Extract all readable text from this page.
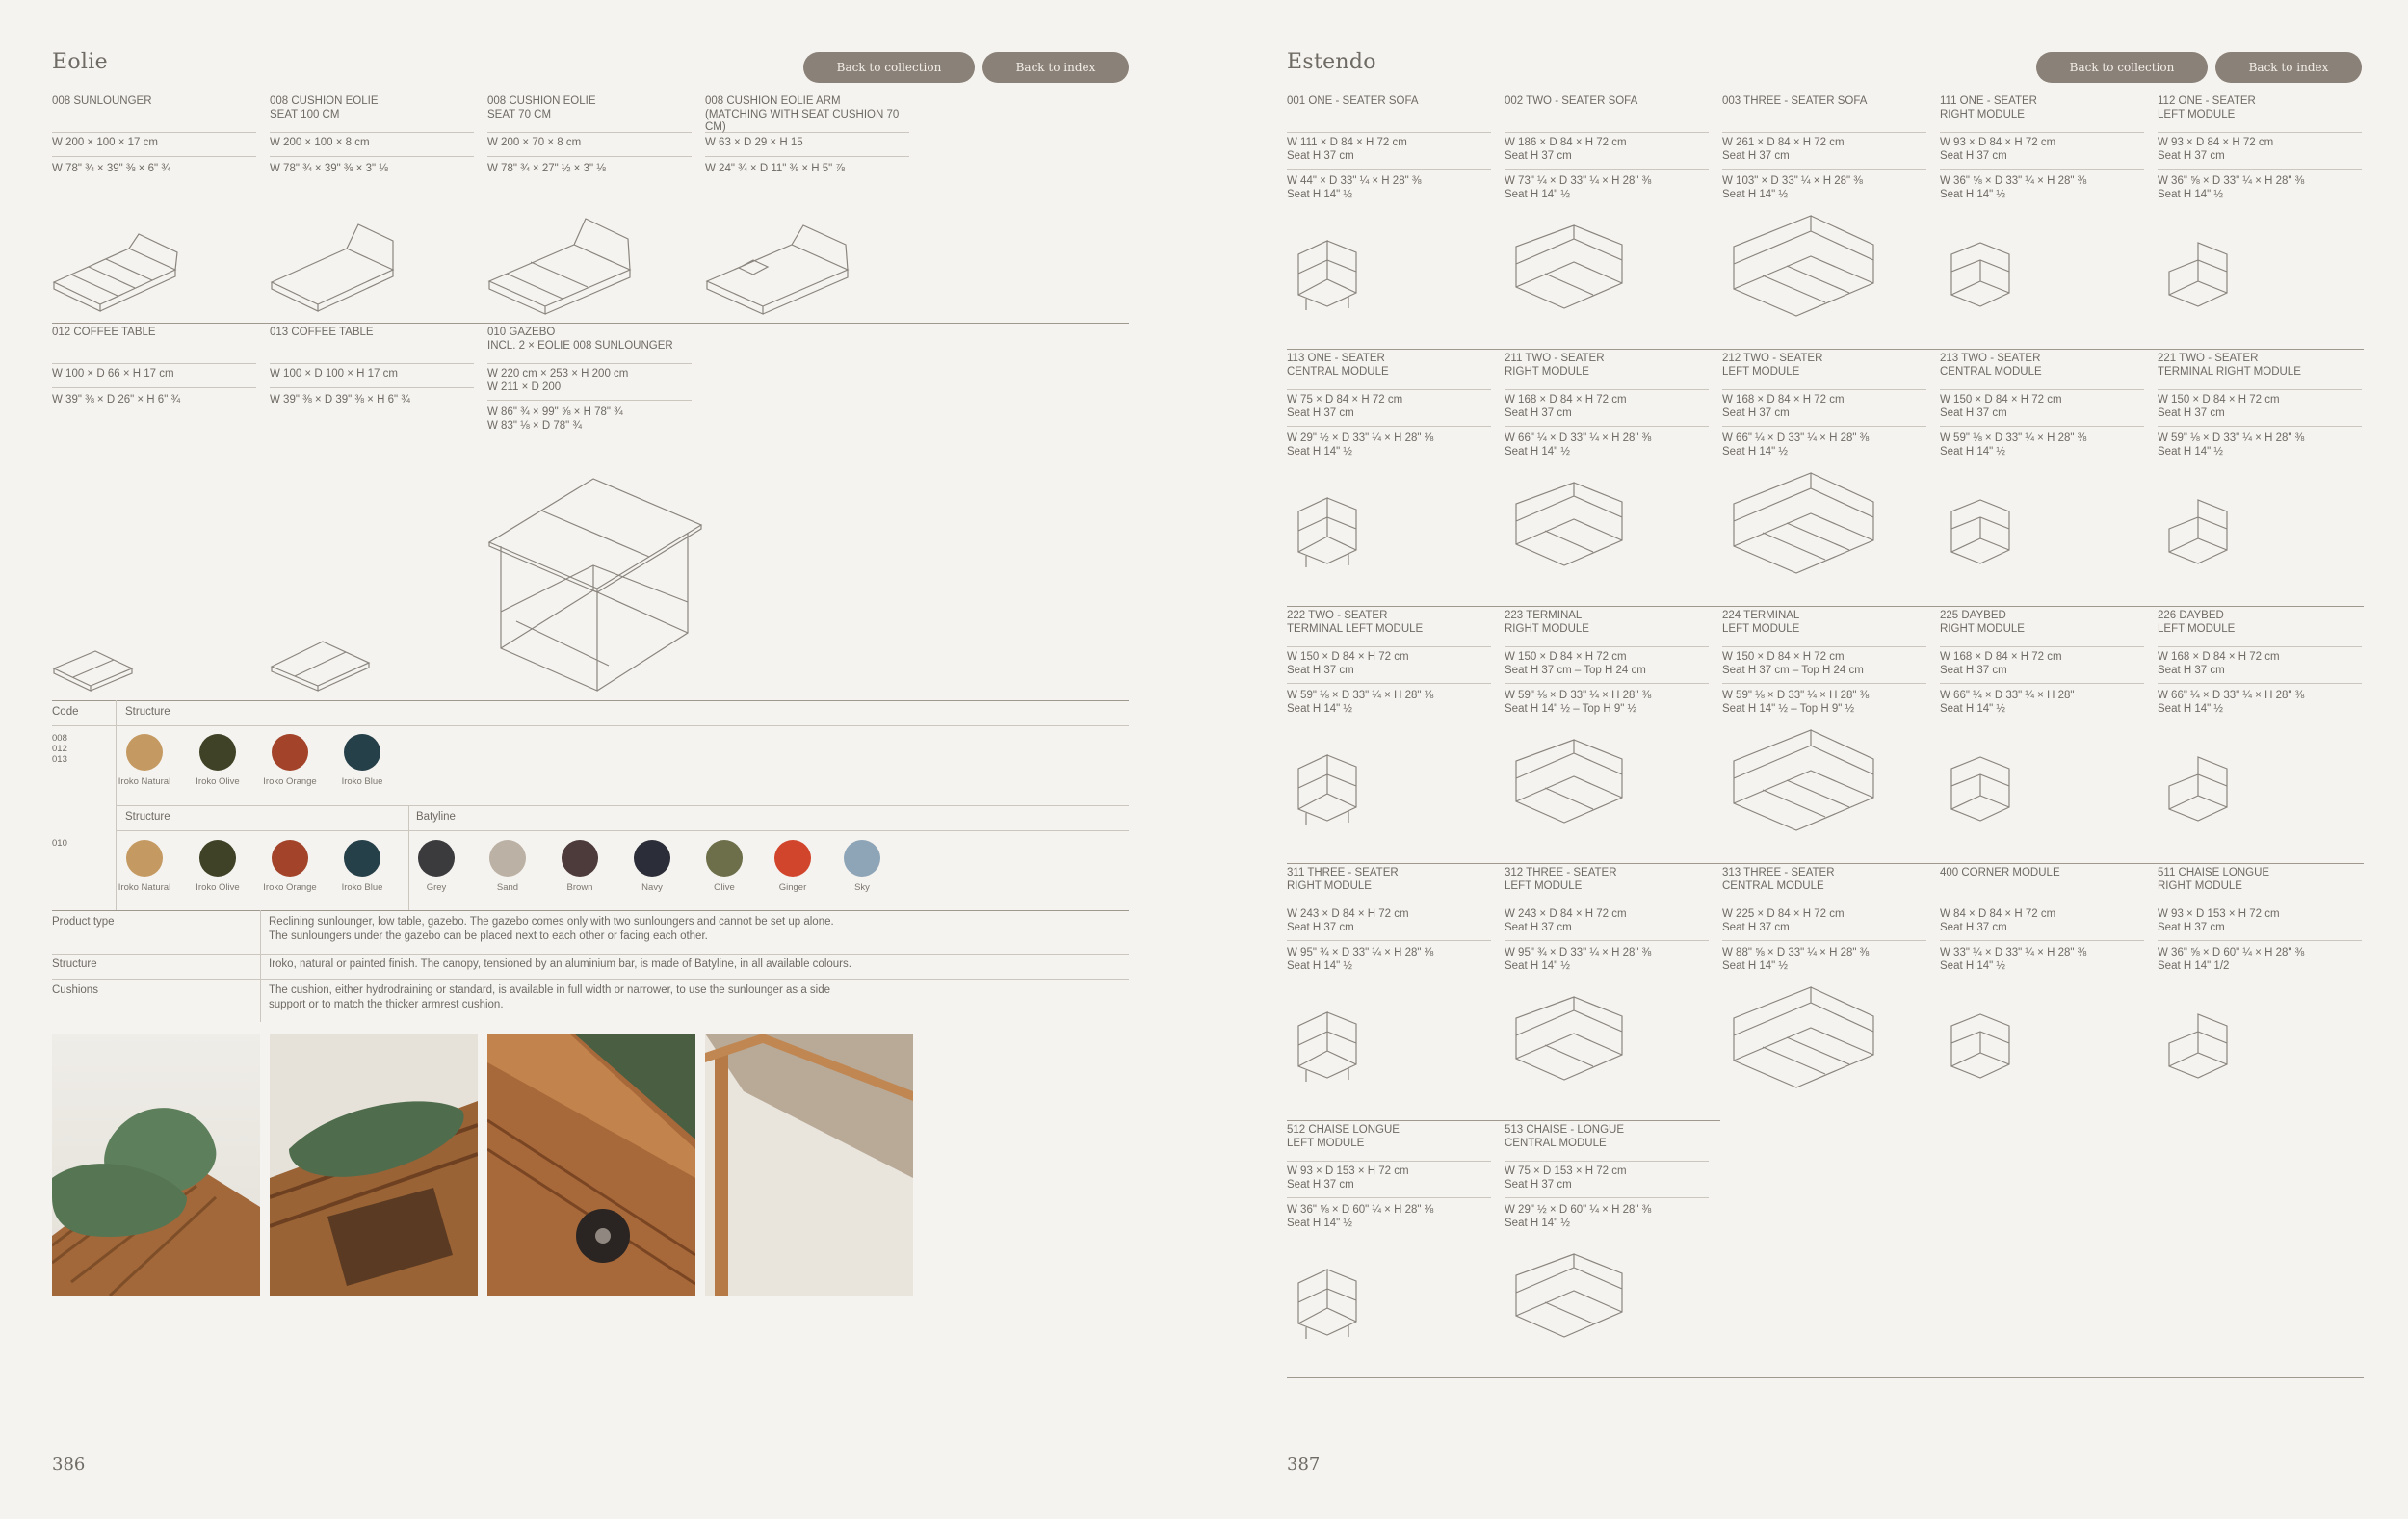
Eolie	Back to collection	Back to index
008 SUNLOUNGER
W 200 × 100 × 17 cm
W 78" ¾ × 39" ⅜ × 6" ¾
008 CUSHION EOLIE
SEAT 100 CM
W 200 × 100 × 8 cm
W 78" ¾ × 39" ⅜ × 3" ⅛
008 CUSHION EOLIE
SEAT 70 CM
W 200 × 70 × 8 cm
W 78" ¾ × 27" ½ × 3" ⅛
008 CUSHION EOLIE ARM
(MATCHING WITH SEAT CUSHION 70 CM)
W 63 × D 29 × H 15
W 24" ¾ × D 11" ⅜ × H 5" ⅞
012 COFFEE TABLE
W 100 × D 66 × H 17 cm
W 39" ⅜ × D 26" × H 6" ¾
013 COFFEE TABLE
W 100 × D 100 × H 17 cm
W 39" ⅜ × D 39" ⅜ × H 6" ¾
010 GAZEBO
INCL. 2 × EOLIE 008 SUNLOUNGER
W 220 cm × 253 × H 200 cm
W 211 × D 200
W 86" ¾ × 99" ⅝ × H 78" ¾
W 83" ⅛ × D 78" ¾
Code	Structure
008
012
013
Iroko Natural	Iroko Olive	Iroko Orange	Iroko Blue
Structure	Batyline
010
Iroko Natural	Iroko Olive	Iroko Orange	Iroko Blue	Grey	Sand	Brown	Navy	Olive	Ginger	Sky
Product type	Reclining sunlounger, low table, gazebo. The gazebo comes only with two sunloungers and cannot be set up alone.
The sunloungers under the gazebo can be placed next to each other or facing each other.
Structure	Iroko, natural or painted finish. The canopy, tensioned by an aluminium bar, is made of Batyline, in all available colours.
Cushions	The cushion, either hydrodraining or standard, is available in full width or narrower, to use the sunlounger as a side
support or to match the thicker armrest cushion.
386
Estendo	Back to collection	Back to index
001 ONE - SEATER SOFA
W 111 × D 84 × H 72 cm
Seat H 37 cm
W 44" × D 33" ¼ × H 28" ⅜
Seat H 14" ½
002 TWO - SEATER SOFA
W 186 × D 84 × H 72 cm
Seat H 37 cm
W 73" ¼ × D 33" ¼ × H 28" ⅜
Seat H 14" ½
003 THREE - SEATER SOFA
W 261 × D 84 × H 72 cm
Seat H 37 cm
W 103" × D 33" ¼ × H 28" ⅜
Seat H 14" ½
111 ONE - SEATER
RIGHT MODULE
W 93 × D 84 × H 72 cm
Seat H 37 cm
W 36" ⅝ × D 33" ¼ × H 28" ⅜
Seat H 14" ½
112 ONE - SEATER
LEFT MODULE
W 93 × D 84 × H 72 cm
Seat H 37 cm
W 36" ⅝ × D 33" ¼ × H 28" ⅜
Seat H 14" ½
113 ONE - SEATER
CENTRAL MODULE
W 75 × D 84 × H 72 cm
Seat H 37 cm
W 29" ½ × D 33" ¼ × H 28" ⅜
Seat H 14" ½
211 TWO - SEATER
RIGHT MODULE
W 168 × D 84 × H 72 cm
Seat H 37 cm
W 66" ¼ × D 33" ¼ × H 28" ⅜
Seat H 14" ½
212 TWO - SEATER
LEFT MODULE
W 168 × D 84 × H 72 cm
Seat H 37 cm
W 66" ¼ × D 33" ¼ × H 28" ⅜
Seat H 14" ½
213 TWO - SEATER
CENTRAL MODULE
W 150 × D 84 × H 72 cm
Seat H 37 cm
W 59" ⅛ × D 33" ¼ × H 28" ⅜
Seat H 14" ½
221 TWO - SEATER
TERMINAL RIGHT MODULE
W 150 × D 84 × H 72 cm
Seat H 37 cm
W 59" ⅛ × D 33" ¼ × H 28" ⅜
Seat H 14" ½
222 TWO - SEATER
TERMINAL LEFT MODULE
W 150 × D 84 × H 72 cm
Seat H 37 cm
W 59" ⅛ × D 33" ¼ × H 28" ⅜
Seat H 14" ½
223 TERMINAL
RIGHT MODULE
W 150 × D 84 × H 72 cm
Seat H 37 cm – Top H 24 cm
W 59" ⅛ × D 33" ¼ × H 28" ⅜
Seat H 14" ½ – Top H 9" ½
224 TERMINAL
LEFT MODULE
W 150 × D 84 × H 72 cm
Seat H 37 cm – Top H 24 cm
W 59" ⅛ × D 33" ¼ × H 28" ⅜
Seat H 14" ½ – Top H 9" ½
225 DAYBED
RIGHT MODULE
W 168 × D 84 × H 72 cm
Seat H 37 cm
W 66" ¼ × D 33" ¼ × H 28"
Seat H 14" ½
226 DAYBED
LEFT MODULE
W 168 × D 84 × H 72 cm
Seat H 37 cm
W 66" ¼ × D 33" ¼ × H 28" ⅜
Seat H 14" ½
311 THREE - SEATER
RIGHT MODULE
W 243 × D 84 × H 72 cm
Seat H 37 cm
W 95" ¾ × D 33" ¼ × H 28" ⅜
Seat H 14" ½
312 THREE - SEATER
LEFT MODULE
W 243 × D 84 × H 72 cm
Seat H 37 cm
W 95" ¾ × D 33" ¼ × H 28" ⅜
Seat H 14" ½
313 THREE - SEATER
CENTRAL MODULE
W 225 × D 84 × H 72 cm
Seat H 37 cm
W 88" ⅝ × D 33" ¼ × H 28" ⅜
Seat H 14" ½
400 CORNER MODULE
W 84 × D 84 × H 72 cm
Seat H 37 cm
W 33" ¼ × D 33" ¼ × H 28" ⅜
Seat H 14" ½
511 CHAISE LONGUE
RIGHT MODULE
W 93 × D 153 × H 72 cm
Seat H 37 cm
W 36" ⅝ × D 60" ¼ × H 28" ⅜
Seat H 14" 1/2
512 CHAISE LONGUE
LEFT MODULE
W 93 × D 153 × H 72 cm
Seat H 37 cm
W 36" ⅝ × D 60" ¼ × H 28" ⅜
Seat H 14" ½
513 CHAISE - LONGUE
CENTRAL MODULE
W 75 × D 153 × H 72 cm
Seat H 37 cm
W 29" ½ × D 60" ¼ × H 28" ⅜
Seat H 14" ½
387
